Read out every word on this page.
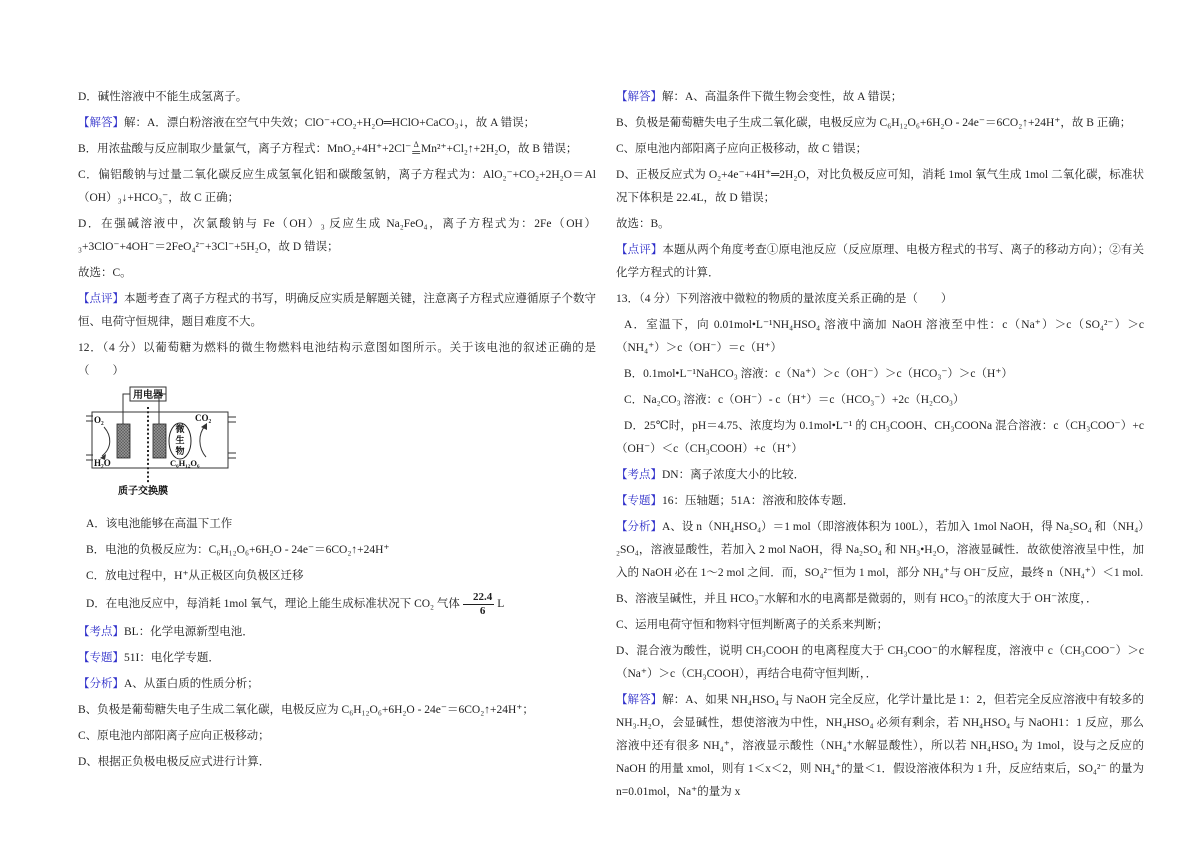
D．碱性溶液中不能生成氢离子。

【解答】解：A．漂白粉溶液在空气中失效；ClO⁻+CO₂+H₂O═HClO+CaCO₃↓，故 A 错误；

B．用浓盐酸与反应制取少量氯气，离子方程式：MnO₂+4H⁺+2Cl⁻ Δ
═ Mn²⁺+Cl₂↑+2H₂O，故 B 错误；

C．偏铝酸钠与过量二氧化碳反应生成氢氧化铝和碳酸氢钠，离子方程式为：AlO₂⁻+CO₂+2H₂O＝Al（OH）₃↓+HCO₃⁻，故 C 正确；

D．在强碱溶液中，次氯酸钠与 Fe（OH）₃ 反应生成 Na₂FeO₄，离子方程式为：2Fe（OH）₃+3ClO⁻+4OH⁻＝2FeO₄²⁻+3Cl⁻+5H₂O，故 D 错误；

故选：C。

【点评】本题考查了离子方程式的书写，明确反应实质是解题关键，注意离子方程式应遵循原子个数守恒、电荷守恒规律，题目难度不大。

12．（4 分）以葡萄糖为燃料的微生物燃料电池结构示意图如图所示。关于该电池的叙述正确的是（　　）

用电器
O₂
H₂O
微生物
CO₂
C₆H₁₂O₆
质子交换膜

A．该电池能够在高温下工作

B．电池的负极反应为：C₆H₁₂O₆+6H₂O - 24e⁻＝6CO₂↑+24H⁺

C．放电过程中，H⁺从正极区向负极区迁移

D．在电池反应中，每消耗 1mol 氧气，理论上能生成标准状况下 CO₂ 气体 $\frac{22.4}{6}$ L

【考点】BL：化学电源新型电池．

【专题】51I：电化学专题．

【分析】A、从蛋白质的性质分析；

B、负极是葡萄糖失电子生成二氧化碳，电极反应为 C₆H₁₂O₆+6H₂O - 24e⁻＝6CO₂↑+24H⁺；

C、原电池内部阳离子应向正极移动；

D、根据正负极电极反应式进行计算．

【解答】解：A、高温条件下微生物会变性，故 A 错误；

B、负极是葡萄糖失电子生成二氧化碳，电极反应为 C₆H₁₂O₆+6H₂O - 24e⁻＝6CO₂↑+24H⁺，故 B 正确；

C、原电池内部阳离子应向正极移动，故 C 错误；

D、正极反应式为 O₂+4e⁻+4H⁺═2H₂O，对比负极反应可知，消耗 1mol 氧气生成 1mol 二氧化碳，标准状况下体积是 22.4L，故 D 错误；

故选：B。

【点评】本题从两个角度考查①原电池反应（反应原理、电极方程式的书写、离子的移动方向）；②有关化学方程式的计算．

13．（4 分）下列溶液中微粒的物质的量浓度关系正确的是（　　）

A．室温下，向 0.01mol•L⁻¹NH₄HSO₄ 溶液中滴加 NaOH 溶液至中性：c（Na⁺）＞c（SO₄²⁻）＞c（NH₄⁺）＞c（OH⁻）＝c（H⁺）

B．0.1mol•L⁻¹NaHCO₃ 溶液：c（Na⁺）＞c（OH⁻）＞c（HCO₃⁻）＞c（H⁺）

C．Na₂CO₃ 溶液：c（OH⁻）- c（H⁺）＝c（HCO₃⁻）+2c（H₂CO₃）

D．25℃时，pH＝4.75、浓度均为 0.1mol•L⁻¹ 的 CH₃COOH、CH₃COONa 混合溶液：c（CH₃COO⁻）+c（OH⁻）＜c（CH₃COOH）+c（H⁺）

【考点】DN：离子浓度大小的比较．

【专题】16：压轴题；51A：溶液和胶体专题．

【分析】A、设 n（NH₄HSO₄）＝1 mol（即溶液体积为 100L），若加入 1mol NaOH，得 Na₂SO₄ 和（NH₄）₂SO₄，溶液显酸性，若加入 2 mol NaOH，得 Na₂SO₄ 和 NH₃•H₂O，溶液显碱性．故欲使溶液呈中性，加入的 NaOH 必在 1～2 mol 之间．而，SO₄²⁻恒为 1 mol，部分 NH₄⁺与 OH⁻反应，最终 n（NH₄⁺）＜1 mol.

B、溶液呈碱性，并且 HCO₃⁻水解和水的电离都是微弱的，则有 HCO₃⁻的浓度大于 OH⁻浓度，．

C、运用电荷守恒和物料守恒判断离子的关系来判断；

D、混合液为酸性，说明 CH₃COOH 的电离程度大于 CH₃COO⁻的水解程度，溶液中 c（CH₃COO⁻）＞c（Na⁺）＞c（CH₃COOH），再结合电荷守恒判断，．

【解答】解：A、如果 NH₄HSO₄ 与 NaOH 完全反应，化学计量比是 1：2，但若完全反应溶液中有较多的 NH₃.H₂O，会显碱性，想使溶液为中性，NH₄HSO₄ 必须有剩余，若 NH₄HSO₄ 与 NaOH1：1 反应，那么溶液中还有很多 NH₄⁺，溶液显示酸性（NH₄⁺水解显酸性），所以若 NH₄HSO₄ 为 1mol，设与之反应的 NaOH 的用量 xmol，则有 1＜x＜2，则 NH₄⁺的量＜1．假设溶液体积为 1 升，反应结束后，SO₄²⁻ 的量为 n=0.01mol，Na⁺的量为 x
